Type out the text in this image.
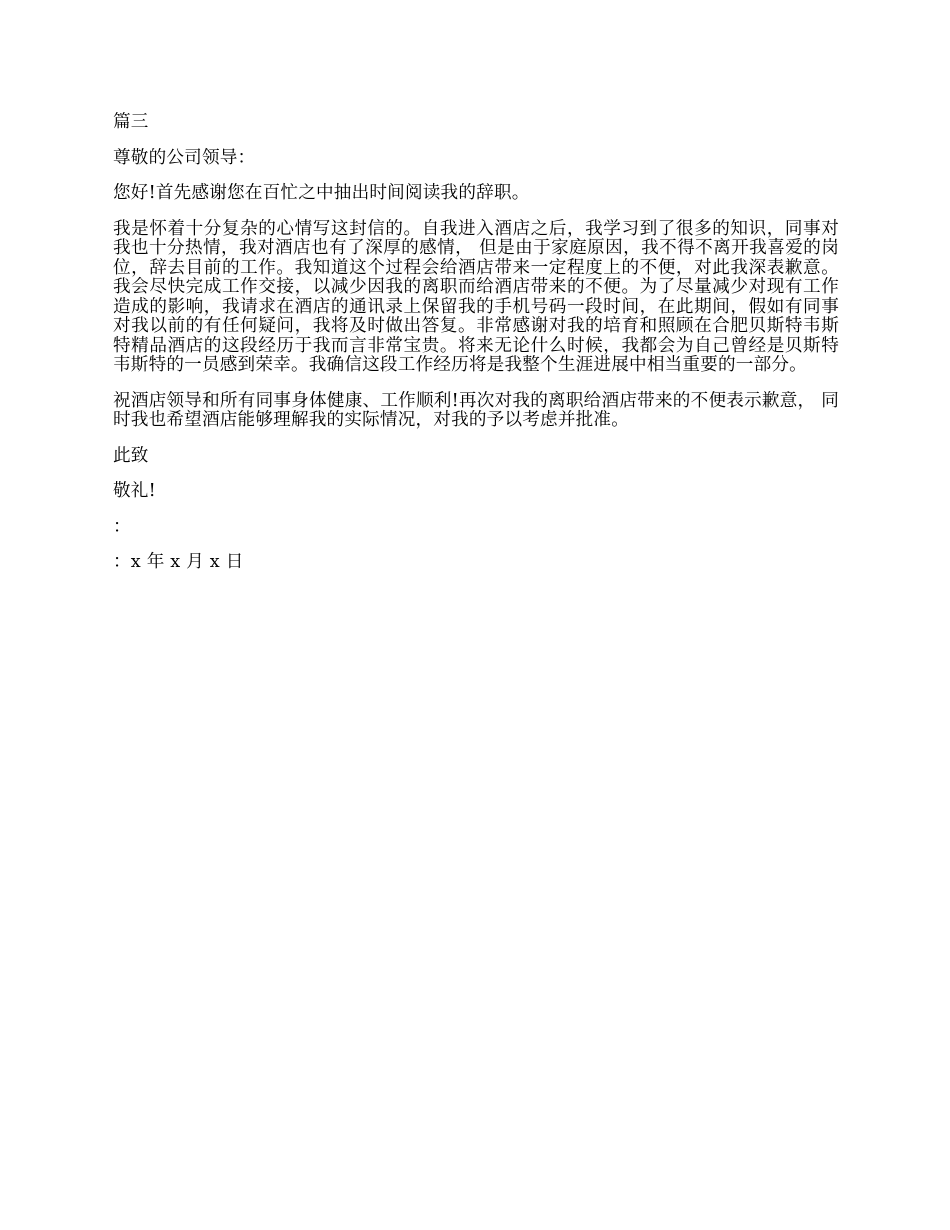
篇三

尊敬的公司领导：

您好!首先感谢您在百忙之中抽出时间阅读我的辞职。

我是怀着十分复杂的心情写这封信的。自我进入酒店之后，我学习到了很多的知识，同事对我也十分热情，我对酒店也有了深厚的感情， 但是由于家庭原因，我不得不离开我喜爱的岗位，辞去目前的工作。我知道这个过程会给酒店带来一定程度上的不便，对此我深表歉意。我会尽快完成工作交接，以减少因我的离职而给酒店带来的不便。为了尽量减少对现有工作造成的影响，我请求在酒店的通讯录上保留我的手机号码一段时间，在此期间，假如有同事对我以前的有任何疑问，我将及时做出答复。非常感谢对我的培育和照顾在合肥贝斯特韦斯特精品酒店的这段经历于我而言非常宝贵。将来无论什么时候，我都会为自己曾经是贝斯特韦斯特的一员感到荣幸。我确信这段工作经历将是我整个生涯进展中相当重要的一部分。

祝酒店领导和所有同事身体健康、工作顺利!再次对我的离职给酒店带来的不便表示歉意， 同时我也希望酒店能够理解我的实际情况，对我的予以考虑并批准。

此致

敬礼!

：

：x 年 x 月 x 日
